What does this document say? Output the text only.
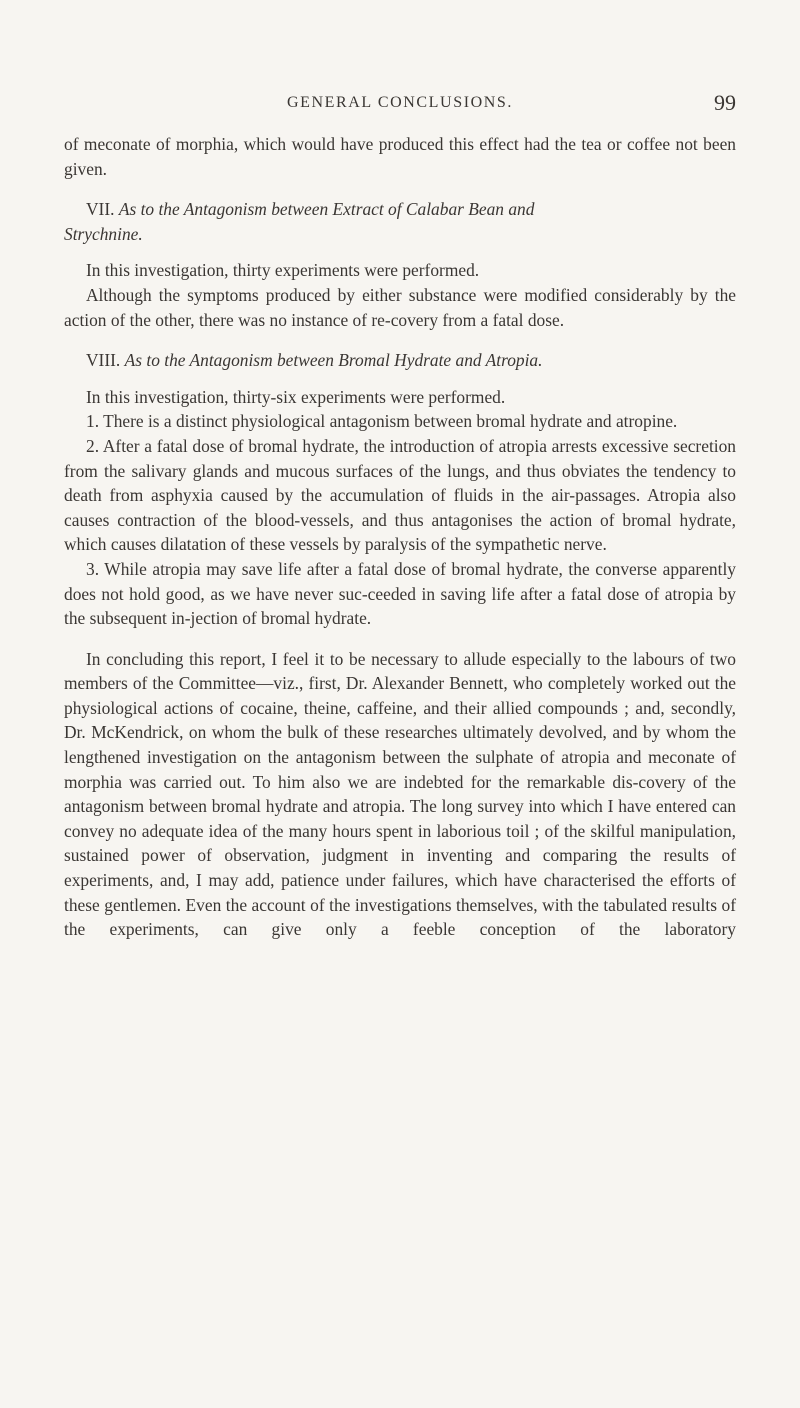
GENERAL CONCLUSIONS.	99

of meconate of morphia, which would have produced this effect had the tea or coffee not been given.

VII. As to the Antagonism between Extract of Calabar Bean and

Strychnine.

In this investigation, thirty experiments were performed.

Although the symptoms produced by either substance were modified considerably by the action of the other, there was no instance of re-covery from a fatal dose.

VIII. As to the Antagonism between Bromal Hydrate and Atropia.

In this investigation, thirty-six experiments were performed.

1. There is a distinct physiological antagonism between bromal hydrate and atropine.

2. After a fatal dose of bromal hydrate, the introduction of atropia arrests excessive secretion from the salivary glands and mucous surfaces of the lungs, and thus obviates the tendency to death from asphyxia caused by the accumulation of fluids in the air-passages. Atropia also causes contraction of the blood-vessels, and thus antagonises the action of bromal hydrate, which causes dilatation of these vessels by paralysis of the sympathetic nerve.

3. While atropia may save life after a fatal dose of bromal hydrate, the converse apparently does not hold good, as we have never suc-ceeded in saving life after a fatal dose of atropia by the subsequent in-jection of bromal hydrate.

In concluding this report, I feel it to be necessary to allude especially to the labours of two members of the Committee—viz., first, Dr. Alexander Bennett, who completely worked out the physiological actions of cocaine, theine, caffeine, and their allied compounds ; and, secondly, Dr. McKendrick, on whom the bulk of these researches ultimately devolved, and by whom the lengthened investigation on the antagonism between the sulphate of atropia and meconate of morphia was carried out. To him also we are indebted for the remarkable dis-covery of the antagonism between bromal hydrate and atropia. The long survey into which I have entered can convey no adequate idea of the many hours spent in laborious toil ; of the skilful manipulation, sustained power of observation, judgment in inventing and comparing the results of experiments, and, I may add, patience under failures, which have characterised the efforts of these gentlemen. Even the account of the investigations themselves, with the tabulated results of the experiments, can give only a feeble conception of the laboratory
